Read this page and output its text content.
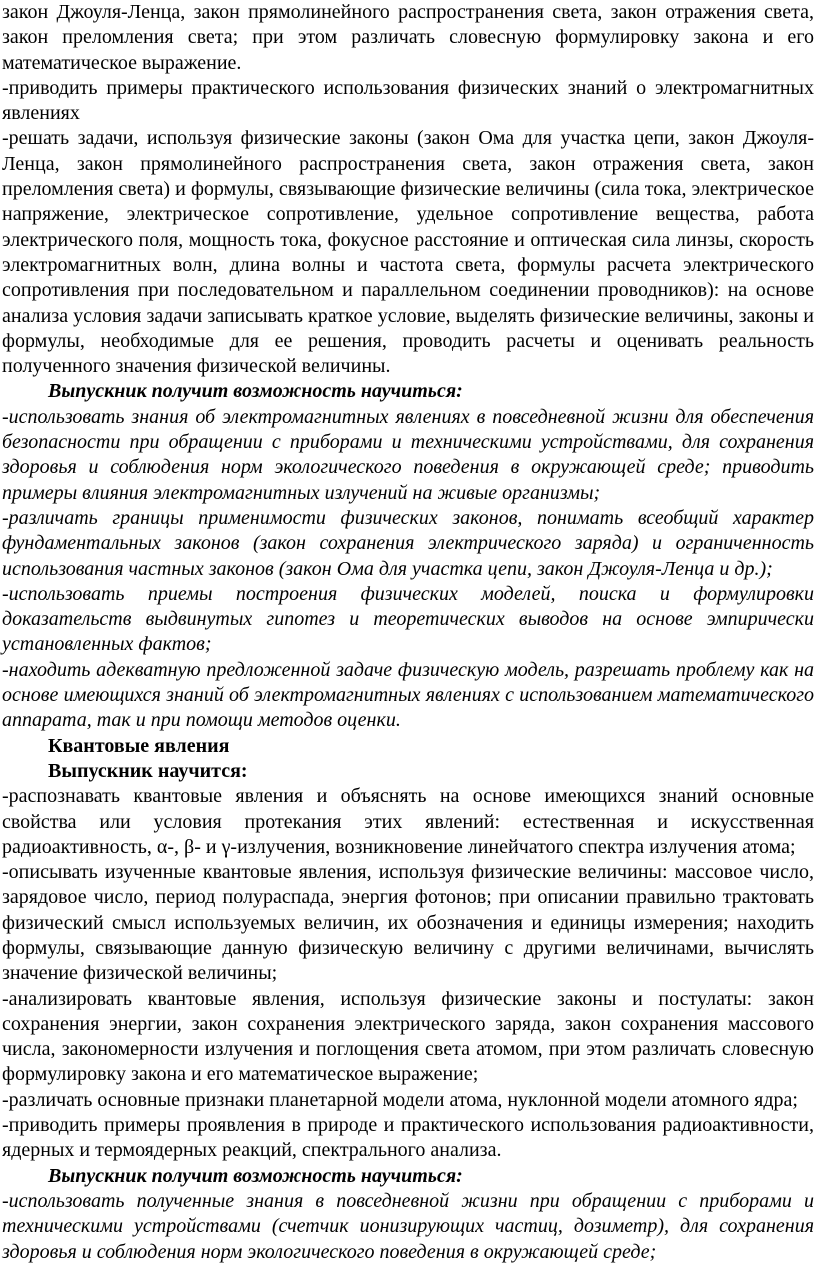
закон Джоуля-Ленца, закон прямолинейного распространения света, закон отражения света, закон преломления света; при этом различать словесную формулировку закона и его математическое выражение.

-приводить примеры практического использования физических знаний о электромагнитных явлениях

-решать задачи, используя физические законы (закон Ома для участка цепи, закон Джоуля-Ленца, закон прямолинейного распространения света, закон отражения света, закон преломления света) и формулы, связывающие физические величины (сила тока, электрическое напряжение, электрическое сопротивление, удельное сопротивление вещества, работа электрического поля, мощность тока, фокусное расстояние и оптическая сила линзы, скорость электромагнитных волн, длина волны и частота света, формулы расчета электрического сопротивления при последовательном и параллельном соединении проводников): на основе анализа условия задачи записывать краткое условие, выделять физические величины, законы и формулы, необходимые для ее решения, проводить расчеты и оценивать реальность полученного значения физической величины.

Выпускник получит возможность научиться:

-использовать знания об электромагнитных явлениях в повседневной жизни для обеспечения безопасности при обращении с приборами и техническими устройствами, для сохранения здоровья и соблюдения норм экологического поведения в окружающей среде; приводить примеры влияния электромагнитных излучений на живые организмы;

-различать границы применимости физических законов, понимать всеобщий характер фундаментальных законов (закон сохранения электрического заряда) и ограниченность использования частных законов (закон Ома для участка цепи, закон Джоуля-Ленца и др.);

-использовать приемы построения физических моделей, поиска и формулировки доказательств выдвинутых гипотез и теоретических выводов на основе эмпирически установленных фактов;

-находить адекватную предложенной задаче физическую модель, разрешать проблему как на основе имеющихся знаний об электромагнитных явлениях с использованием математического аппарата, так и при помощи методов оценки.

Квантовые явления

Выпускник научится:

-распознавать квантовые явления и объяснять на основе имеющихся знаний основные свойства или условия протекания этих явлений: естественная и искусственная радиоактивность, α-, β- и γ-излучения, возникновение линейчатого спектра излучения атома;

-описывать изученные квантовые явления, используя физические величины: массовое число, зарядовое число, период полураспада, энергия фотонов; при описании правильно трактовать физический смысл используемых величин, их обозначения и единицы измерения; находить формулы, связывающие данную физическую величину с другими величинами, вычислять значение физической величины;

-анализировать квантовые явления, используя физические законы и постулаты: закон сохранения энергии, закон сохранения электрического заряда, закон сохранения массового числа, закономерности излучения и поглощения света атомом, при этом различать словесную формулировку закона и его математическое выражение;

-различать основные признаки планетарной модели атома, нуклонной модели атомного ядра;

-приводить примеры проявления в природе и практического использования радиоактивности, ядерных и термоядерных реакций, спектрального анализа.

Выпускник получит возможность научиться:

-использовать полученные знания в повседневной жизни при обращении с приборами и техническими устройствами (счетчик ионизирующих частиц, дозиметр), для сохранения здоровья и соблюдения норм экологического поведения в окружающей среде;
